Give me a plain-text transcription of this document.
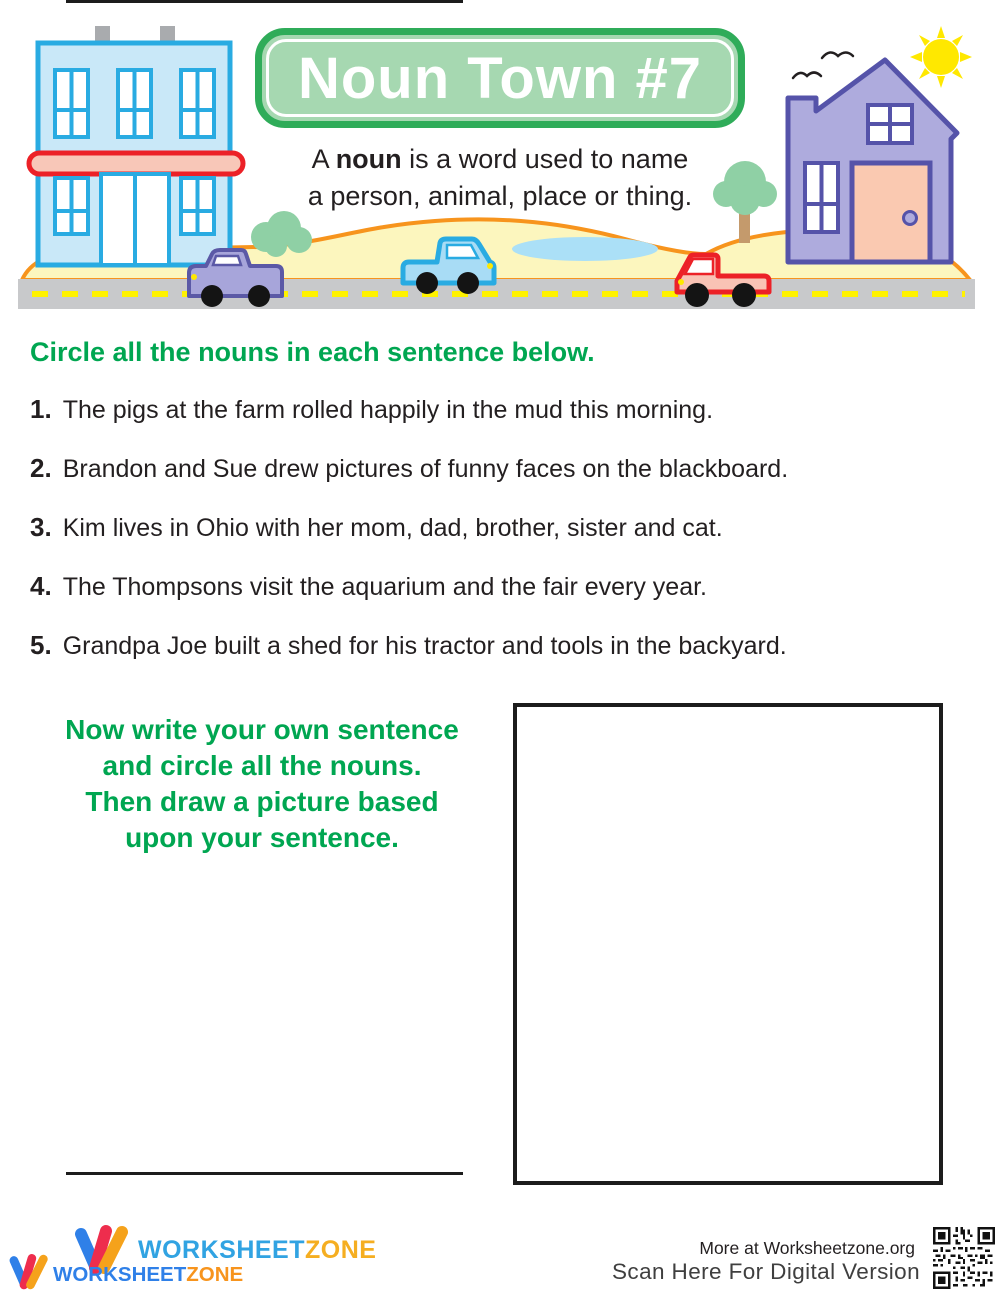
Noun Town #7
A noun is a word used to name
a person, animal, place or thing.
Circle all the nouns in each sentence below.
1. The pigs at the farm rolled happily in the mud this morning.
2. Brandon and Sue drew pictures of funny faces on the blackboard.
3. Kim lives in Ohio with her mom, dad, brother, sister and cat.
4. The Thompsons visit the aquarium and the fair every year.
5. Grandpa Joe built a shed for his tractor and tools in the backyard.
Now write your own sentence
and circle all the nouns.
Then draw a picture based
upon your sentence.
WORKSHEETZONE
WORKSHEETZONE
More at Worksheetzone.org
Scan Here For Digital Version
